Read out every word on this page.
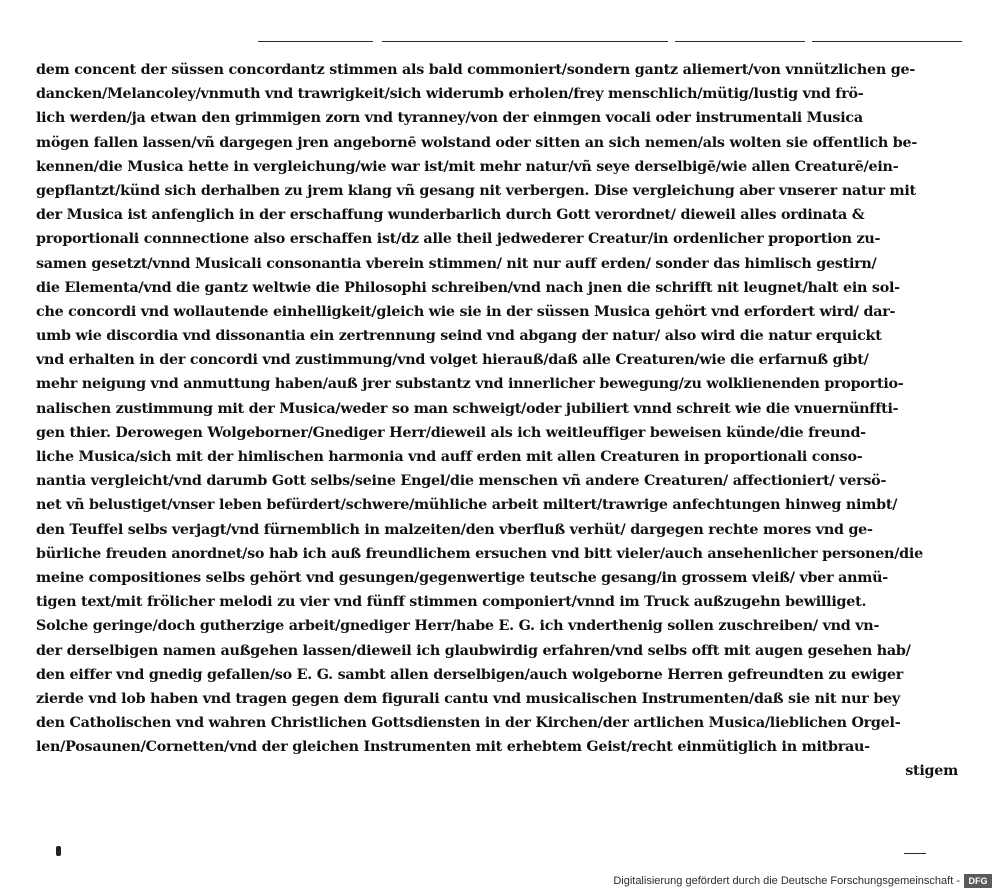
dem concent der süssen concordantz stimmen als bald commoniert/sondern gantz aliemert/von vnnützlichen ge-
dancken/Melancoley/vnmuth vnd trawrigkeit/sich widerumb erholen/frey menschlich/mütig/lustig vnd frö-
lich werden/ja etwan den grimmigen zorn vnd tyranney/von der einmgen vocali oder instrumentali Musica
mögen fallen lassen/vñ dargegen jren angebornē wolstand oder sitten an sich nemen/als wolten sie offentlich be-
kennen/die Musica hette in vergleichung/wie war ist/mit mehr natur/vñ seye derselbigē/wie allen Creaturē/ein-
gepflantzt/künd sich derhalben zu jrem klang vñ gesang nit verbergen. Dise vergleichung aber vnserer natur mit
der Musica ist anfenglich in der erschaffung wunderbarlich durch Gott verordnet/ dieweil alles ordinata &
proportionali connnectione also erschaffen ist/dz alle theil jedwederer Creatur/in ordenlicher proportion zu-
samen gesetzt/vnnd Musicali consonantia vberein stimmen/ nit nur auff erden/ sonder das himlisch gestirn/
die Elementa/vnd die gantz weltwie die Philosophi schreiben/vnd nach jnen die schrifft nit leugnet/halt ein sol-
che concordi vnd wollautende einhelligkeit/gleich wie sie in der süssen Musica gehört vnd erfordert wird/ dar-
umb wie discordia vnd dissonantia ein zertrennung seind vnd abgang der natur/ also wird die natur erquickt
vnd erhalten in der concordi vnd zustimmung/vnd volget hierauß/daß alle Creaturen/wie die erfarnuß gibt/
mehr neigung vnd anmuttung haben/auß jrer substantz vnd innerlicher bewegung/zu wolklienenden proportio-
nalischen zustimmung mit der Musica/weder so man schweigt/oder jubiliert vnnd schreit wie die vnuernünffti-
gen thier. Derowegen Wolgeborner/Gnediger Herr/dieweil als ich weitleuffiger beweisen künde/die freund-
liche Musica/sich mit der himlischen harmonia vnd auff erden mit allen Creaturen in proportionali conso-
nantia vergleicht/vnd darumb Gott selbs/seine Engel/die menschen vñ andere Creaturen/ affectioniert/ versö-
net vñ belustiget/vnser leben befürdert/schwere/mühliche arbeit miltert/trawrige anfechtungen hinweg nimbt/
den Teuffel selbs verjagt/vnd fürnemblich in malzeiten/den vberfluß verhüt/ dargegen rechte mores vnd ge-
bürliche freuden anordnet/so hab ich auß freundlichem ersuchen vnd bitt vieler/auch ansehenlicher personen/die
meine compositiones selbs gehört vnd gesungen/gegenwertige teutsche gesang/in grossem vleiß/ vber anmü-
tigen text/mit frölicher melodi zu vier vnd fünff stimmen componiert/vnnd im Truck außzugehn bewilliget.
Solche geringe/doch gutherzige arbeit/gnediger Herr/habe E. G. ich vnderthenig sollen zuschreiben/ vnd vn-
der derselbigen namen außgehen lassen/dieweil ich glaubwirdig erfahren/vnd selbs offt mit augen gesehen hab/
den eiffer vnd gnedig gefallen/so E. G. sambt allen derselbigen/auch wolgeborne Herren gefreundten zu ewiger
zierde vnd lob haben vnd tragen gegen dem figurali cantu vnd musicalischen Instrumenten/daß sie nit nur bey
den Catholischen vnd wahren Christlichen Gottsdiensten in der Kirchen/der artlichen Musica/lieblichen Orgel-
len/Posaunen/Cornetten/vnd der gleichen Instrumenten mit erhebtem Geist/recht einmütiglich in mitbrau-
stigem
Digitalisierung gefördert durch die Deutsche Forschungsgemeinschaft - DFG
